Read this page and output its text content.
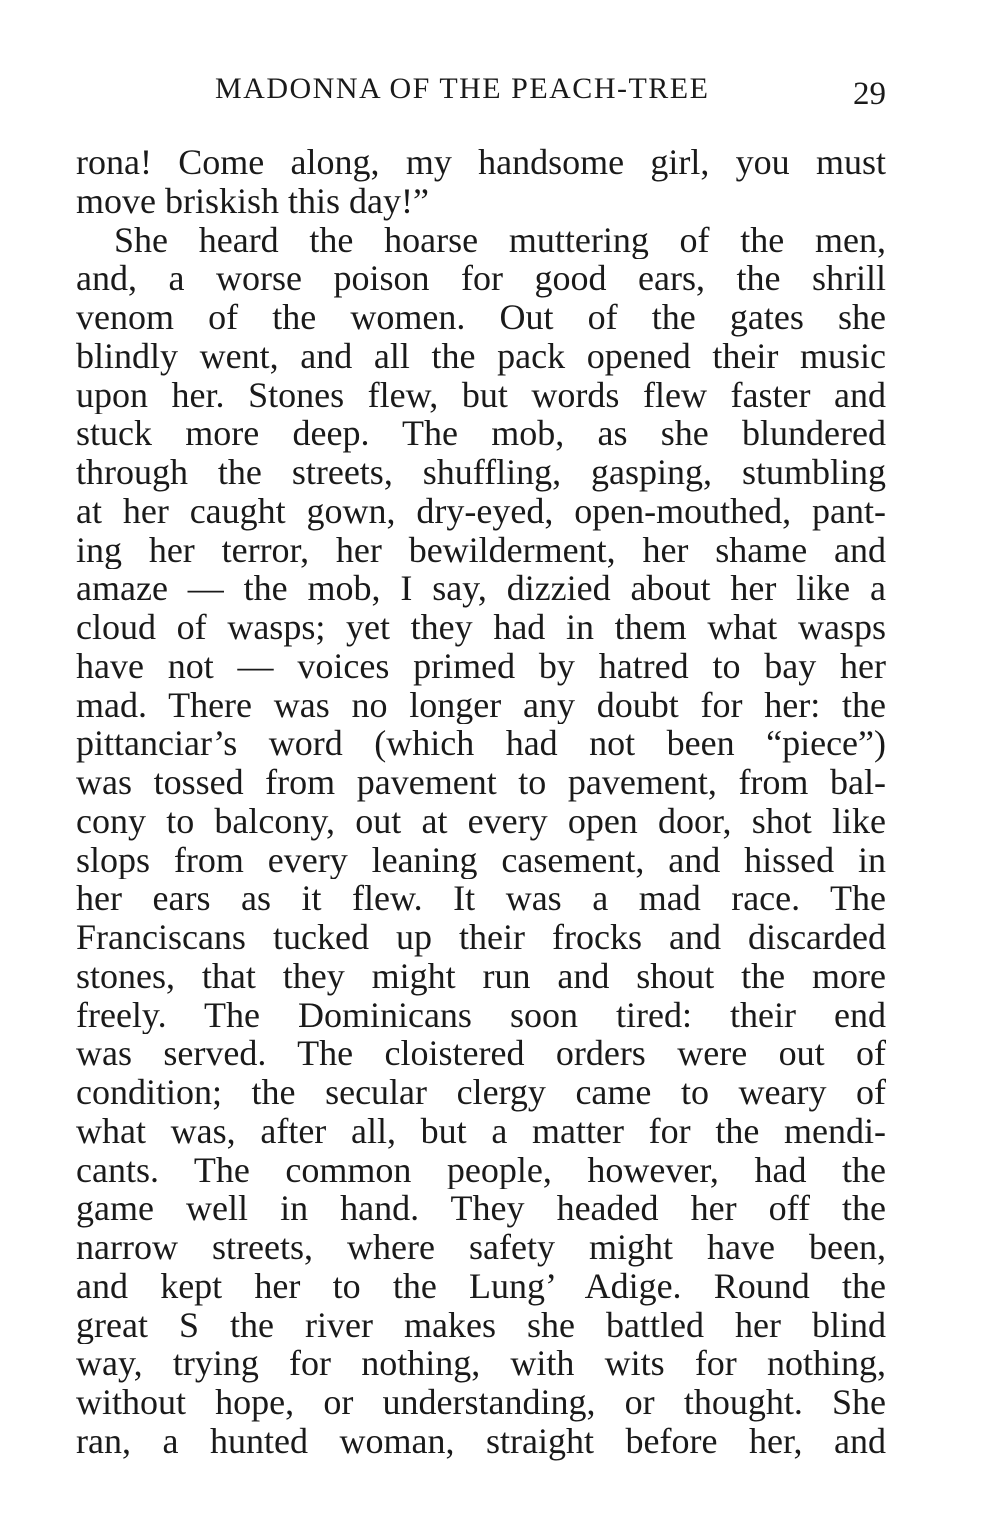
MADONNA OF THE PEACH-TREE	29
rona! Come along, my handsome girl, you must
move briskish this day!”
She heard the hoarse muttering of the men,
and, a worse poison for good ears, the shrill
venom of the women. Out of the gates she
blindly went, and all the pack opened their music
upon her. Stones flew, but words flew faster and
stuck more deep. The mob, as she blundered
through the streets, shuffling, gasping, stumbling
at her caught gown, dry-eyed, open-mouthed, pant-
ing her terror, her bewilderment, her shame and
amaze — the mob, I say, dizzied about her like a
cloud of wasps; yet they had in them what wasps
have not — voices primed by hatred to bay her
mad. There was no longer any doubt for her: the
pittanciar’s word (which had not been “piece”)
was tossed from pavement to pavement, from bal-
cony to balcony, out at every open door, shot like
slops from every leaning casement, and hissed in
her ears as it flew. It was a mad race. The
Franciscans tucked up their frocks and discarded
stones, that they might run and shout the more
freely. The Dominicans soon tired: their end
was served. The cloistered orders were out of
condition; the secular clergy came to weary of
what was, after all, but a matter for the mendi-
cants. The common people, however, had the
game well in hand. They headed her off the
narrow streets, where safety might have been,
and kept her to the Lung’ Adige. Round the
great S the river makes she battled her blind
way, trying for nothing, with wits for nothing,
without hope, or understanding, or thought. She
ran, a hunted woman, straight before her, and
